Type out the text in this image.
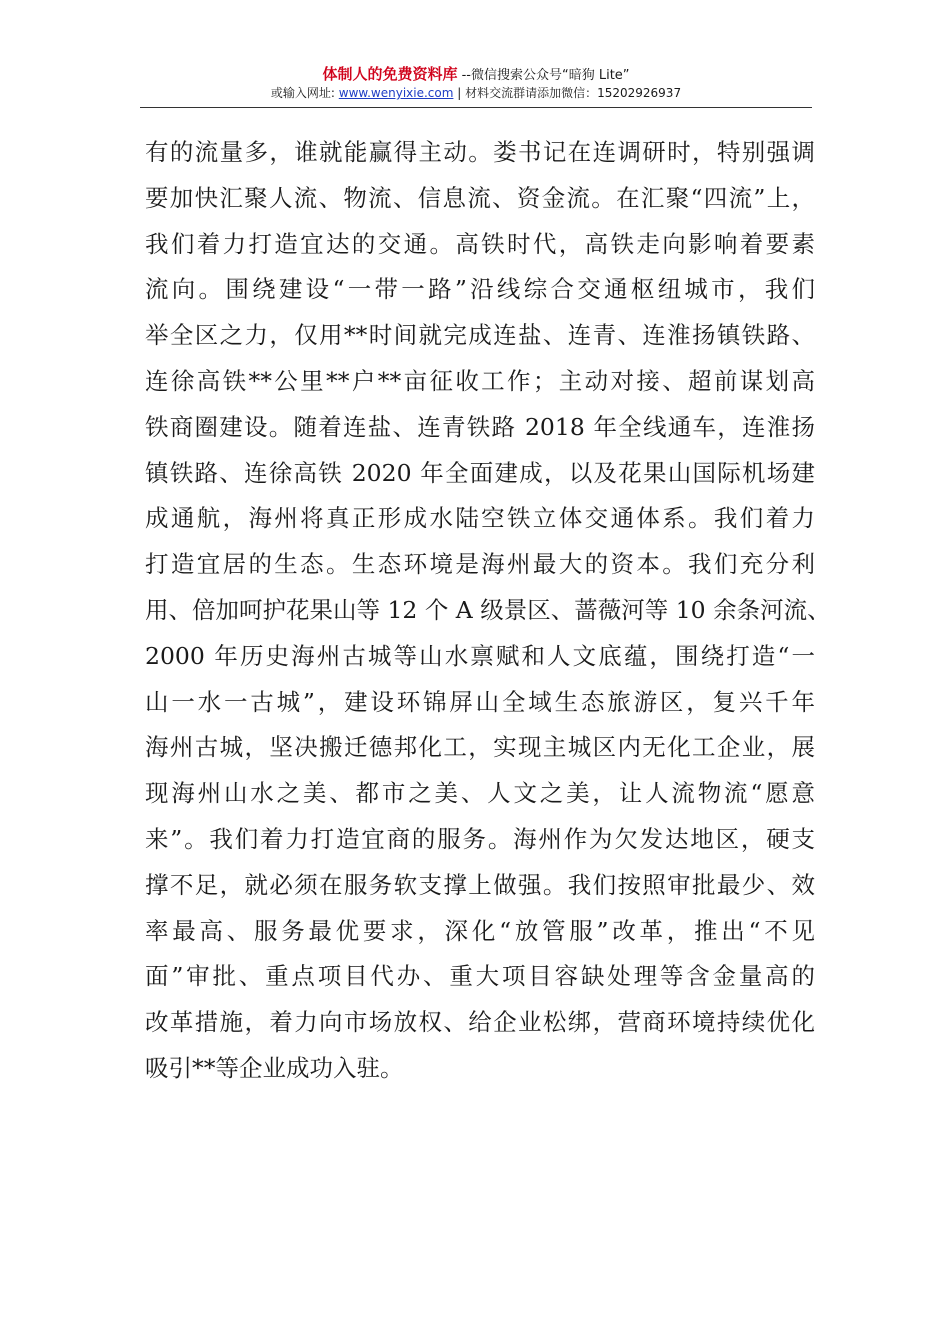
体制人的免费资料库 --微信搜索公众号“暗狗 Lite”
或输入网址: www.wenyixie.com | 材料交流群请添加微信：15202926937
有的流量多，谁就能赢得主动。娄书记在连调研时，特别强调
要加快汇聚人流、物流、信息流、资金流。在汇聚“四流”上，
我们着力打造宜达的交通。高铁时代，高铁走向影响着要素
流向。围绕建设“一带一路”沿线综合交通枢纽城市，我们
举全区之力，仅用**时间就完成连盐、连青、连淮扬镇铁路、
连徐高铁**公里**户**亩征收工作；主动对接、超前谋划高
铁商圈建设。随着连盐、连青铁路 2018 年全线通车，连淮扬
镇铁路、连徐高铁 2020 年全面建成，以及花果山国际机场建
成通航，海州将真正形成水陆空铁立体交通体系。我们着力
打造宜居的生态。生态环境是海州最大的资本。我们充分利
用、倍加呵护花果山等 12 个 A 级景区、蔷薇河等 10 余条河流、
2000 年历史海州古城等山水禀赋和人文底蕴，围绕打造“一
山一水一古城”，建设环锦屏山全域生态旅游区，复兴千年
海州古城，坚决搬迁德邦化工，实现主城区内无化工企业，展
现海州山水之美、都市之美、人文之美，让人流物流“愿意
来”。我们着力打造宜商的服务。海州作为欠发达地区，硬支
撑不足，就必须在服务软支撑上做强。我们按照审批最少、效
率最高、服务最优要求，深化“放管服”改革，推出“不见
面”审批、重点项目代办、重大项目容缺处理等含金量高的
改革措施，着力向市场放权、给企业松绑，营商环境持续优化
吸引**等企业成功入驻。
